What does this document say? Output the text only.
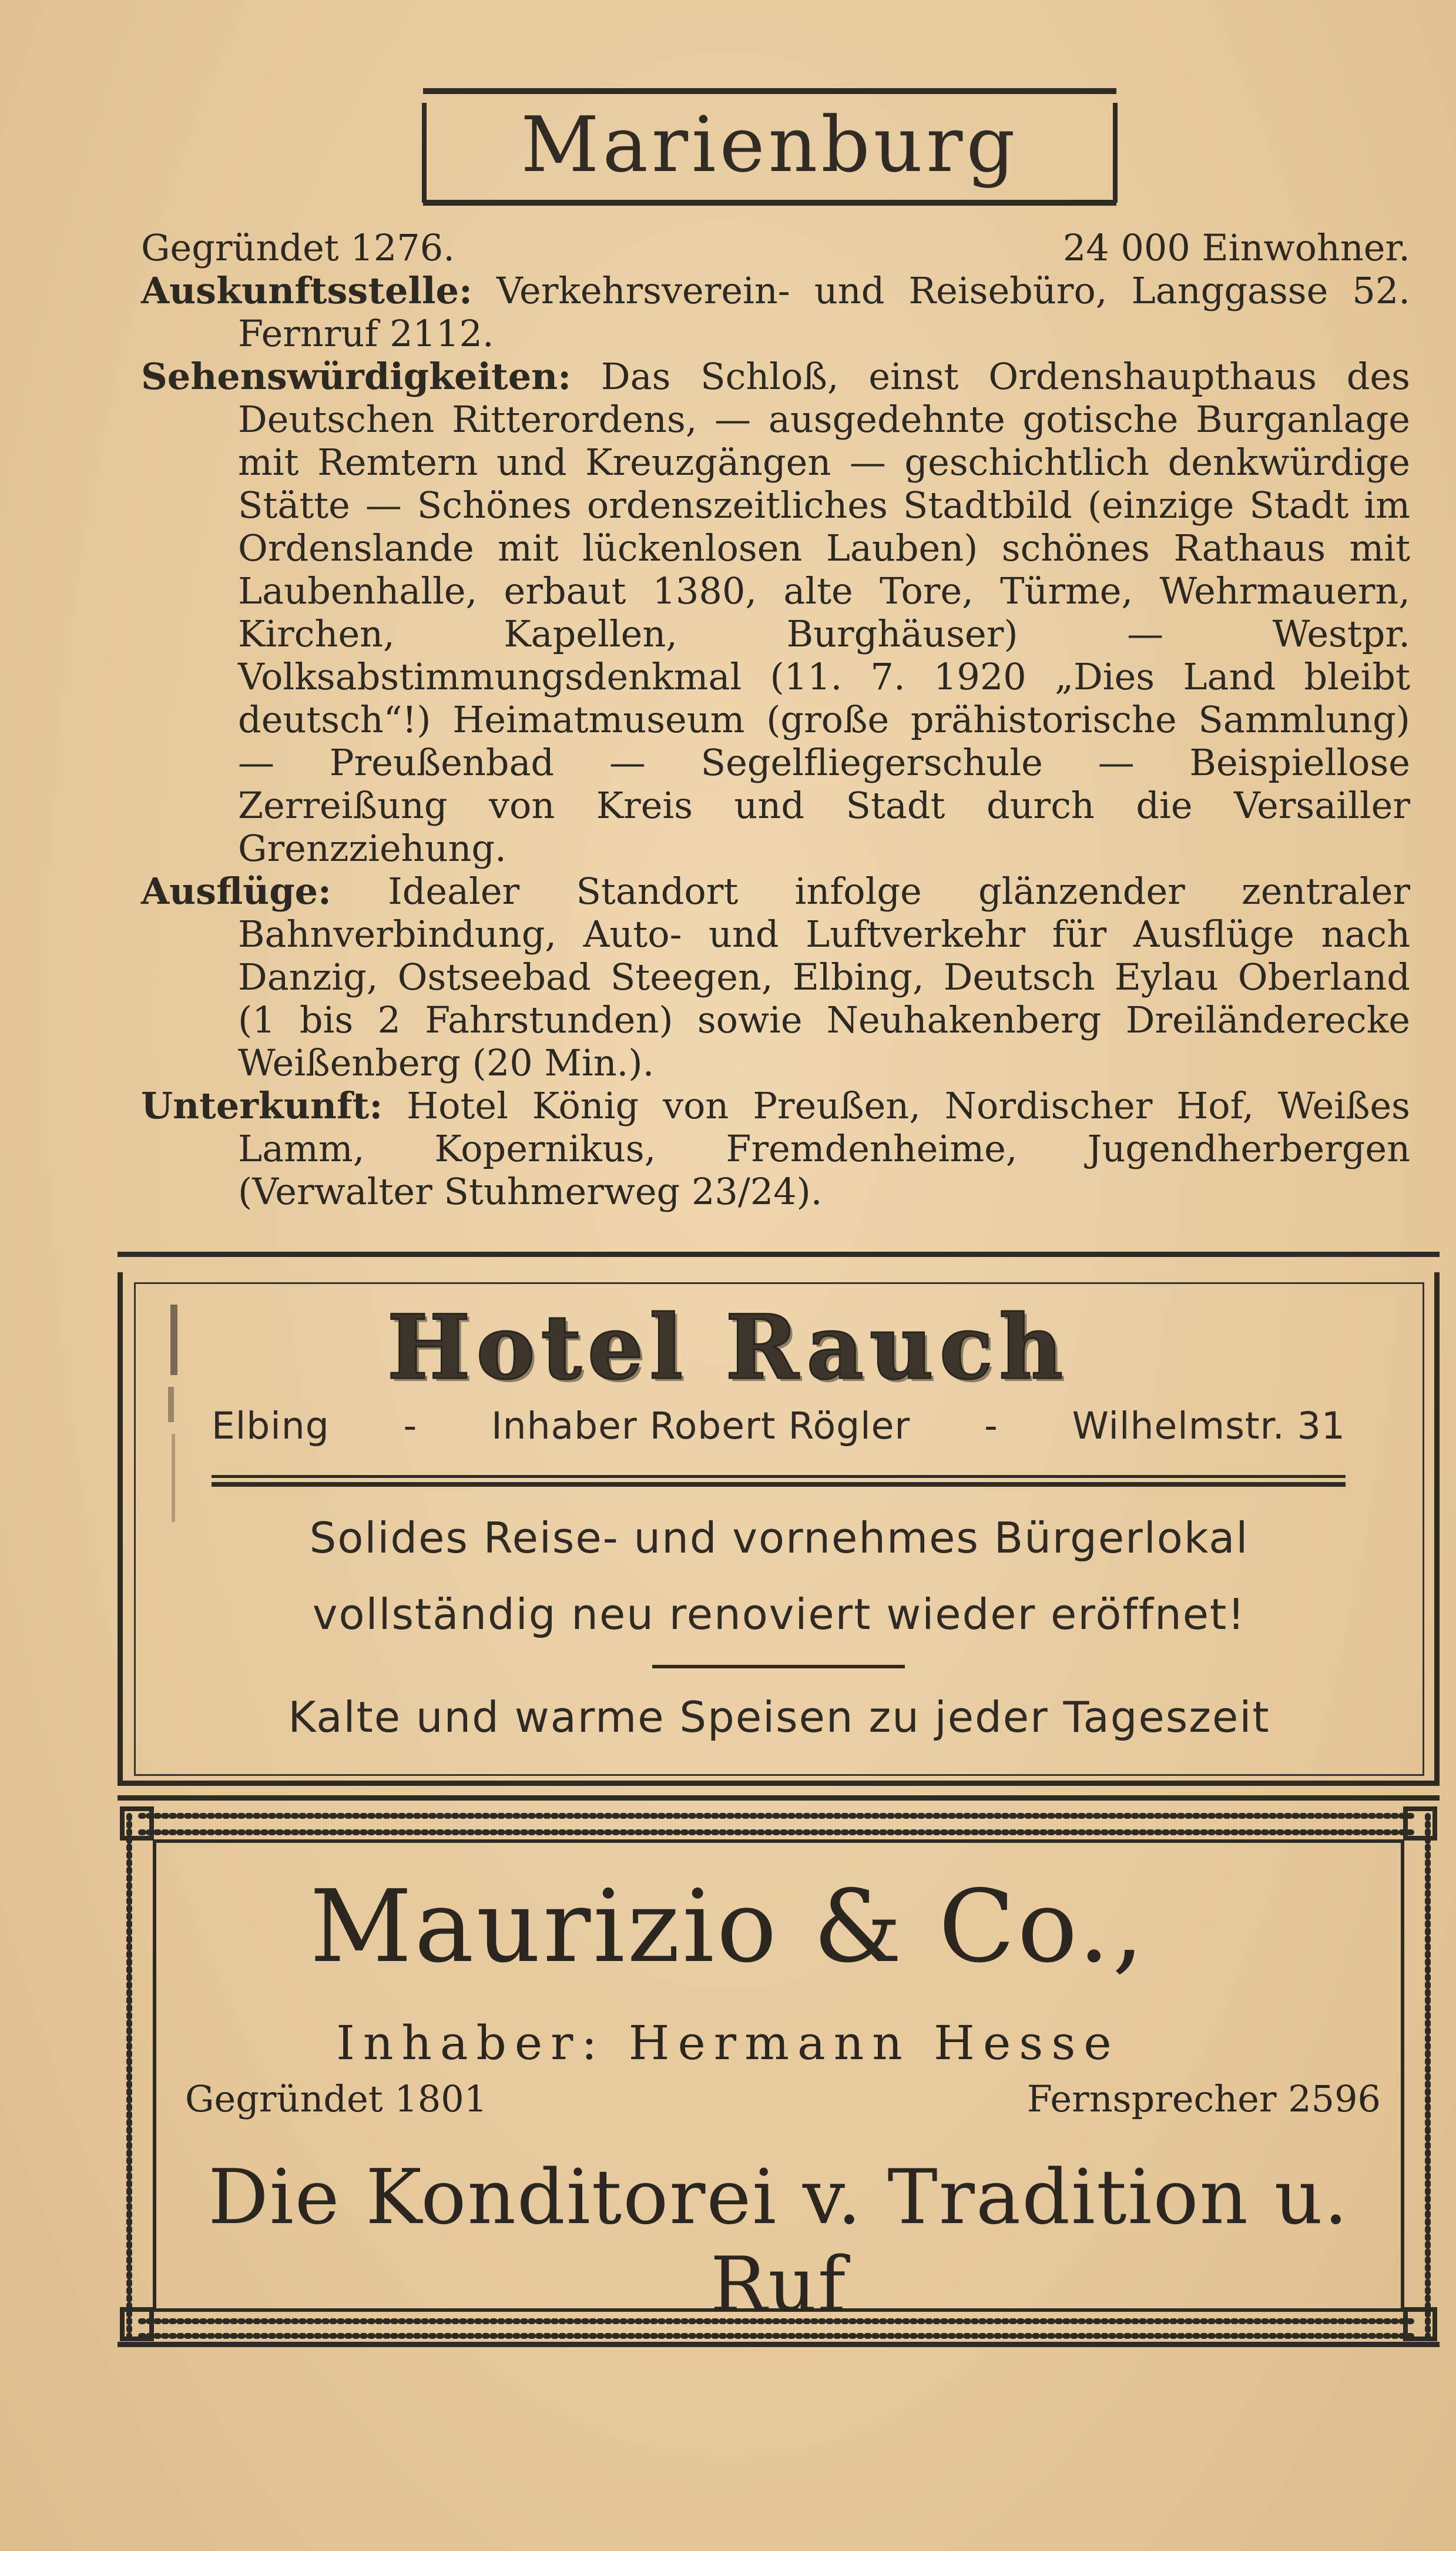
Marienburg
Gegründet 1276.	24 000 Einwohner.

Auskunftsstelle: Verkehrsverein- und Reisebüro, Langgasse 52. Fernruf 2112.

Sehenswürdigkeiten: Das Schloß, einst Ordenshaupthaus des Deutschen Ritterordens, — ausgedehnte gotische Burganlage mit Remtern und Kreuzgängen — geschichtlich denkwürdige Stätte — Schönes ordenszeitliches Stadtbild (einzige Stadt im Ordenslande mit lückenlosen Lauben) schönes Rathaus mit Laubenhalle, erbaut 1380, alte Tore, Türme, Wehrmauern, Kirchen, Kapellen, Burghäuser) — Westpr. Volksabstimmungsdenkmal (11. 7. 1920 „Dies Land bleibt deutsch“!) Heimatmuseum (große prähistorische Sammlung) — Preußenbad — Segelfliegerschule — Beispiellose Zerreißung von Kreis und Stadt durch die Versailler Grenzziehung.

Ausflüge: Idealer Standort infolge glänzender zentraler Bahnverbindung, Auto- und Luftverkehr für Ausflüge nach Danzig, Ostseebad Steegen, Elbing, Deutsch Eylau Oberland (1 bis 2 Fahrstunden) sowie Neuhakenberg Dreiländerecke Weißenberg (20 Min.).

Unterkunft: Hotel König von Preußen, Nordischer Hof, Weißes Lamm, Kopernikus, Fremdenheime, Jugendherbergen (Verwalter Stuhmerweg 23/24).

Hotel Rauch
Elbing - Inhaber Robert Rögler - Wilhelmstr. 31
Solides Reise- und vornehmes Bürgerlokal
vollständig neu renoviert wieder eröffnet!
Kalte und warme Speisen zu jeder Tageszeit
Maurizio & Co.,
Inhaber: Hermann Hesse
Gegründet 1801	Fernsprecher 2596
Die Konditorei v. Tradition u. Ruf
